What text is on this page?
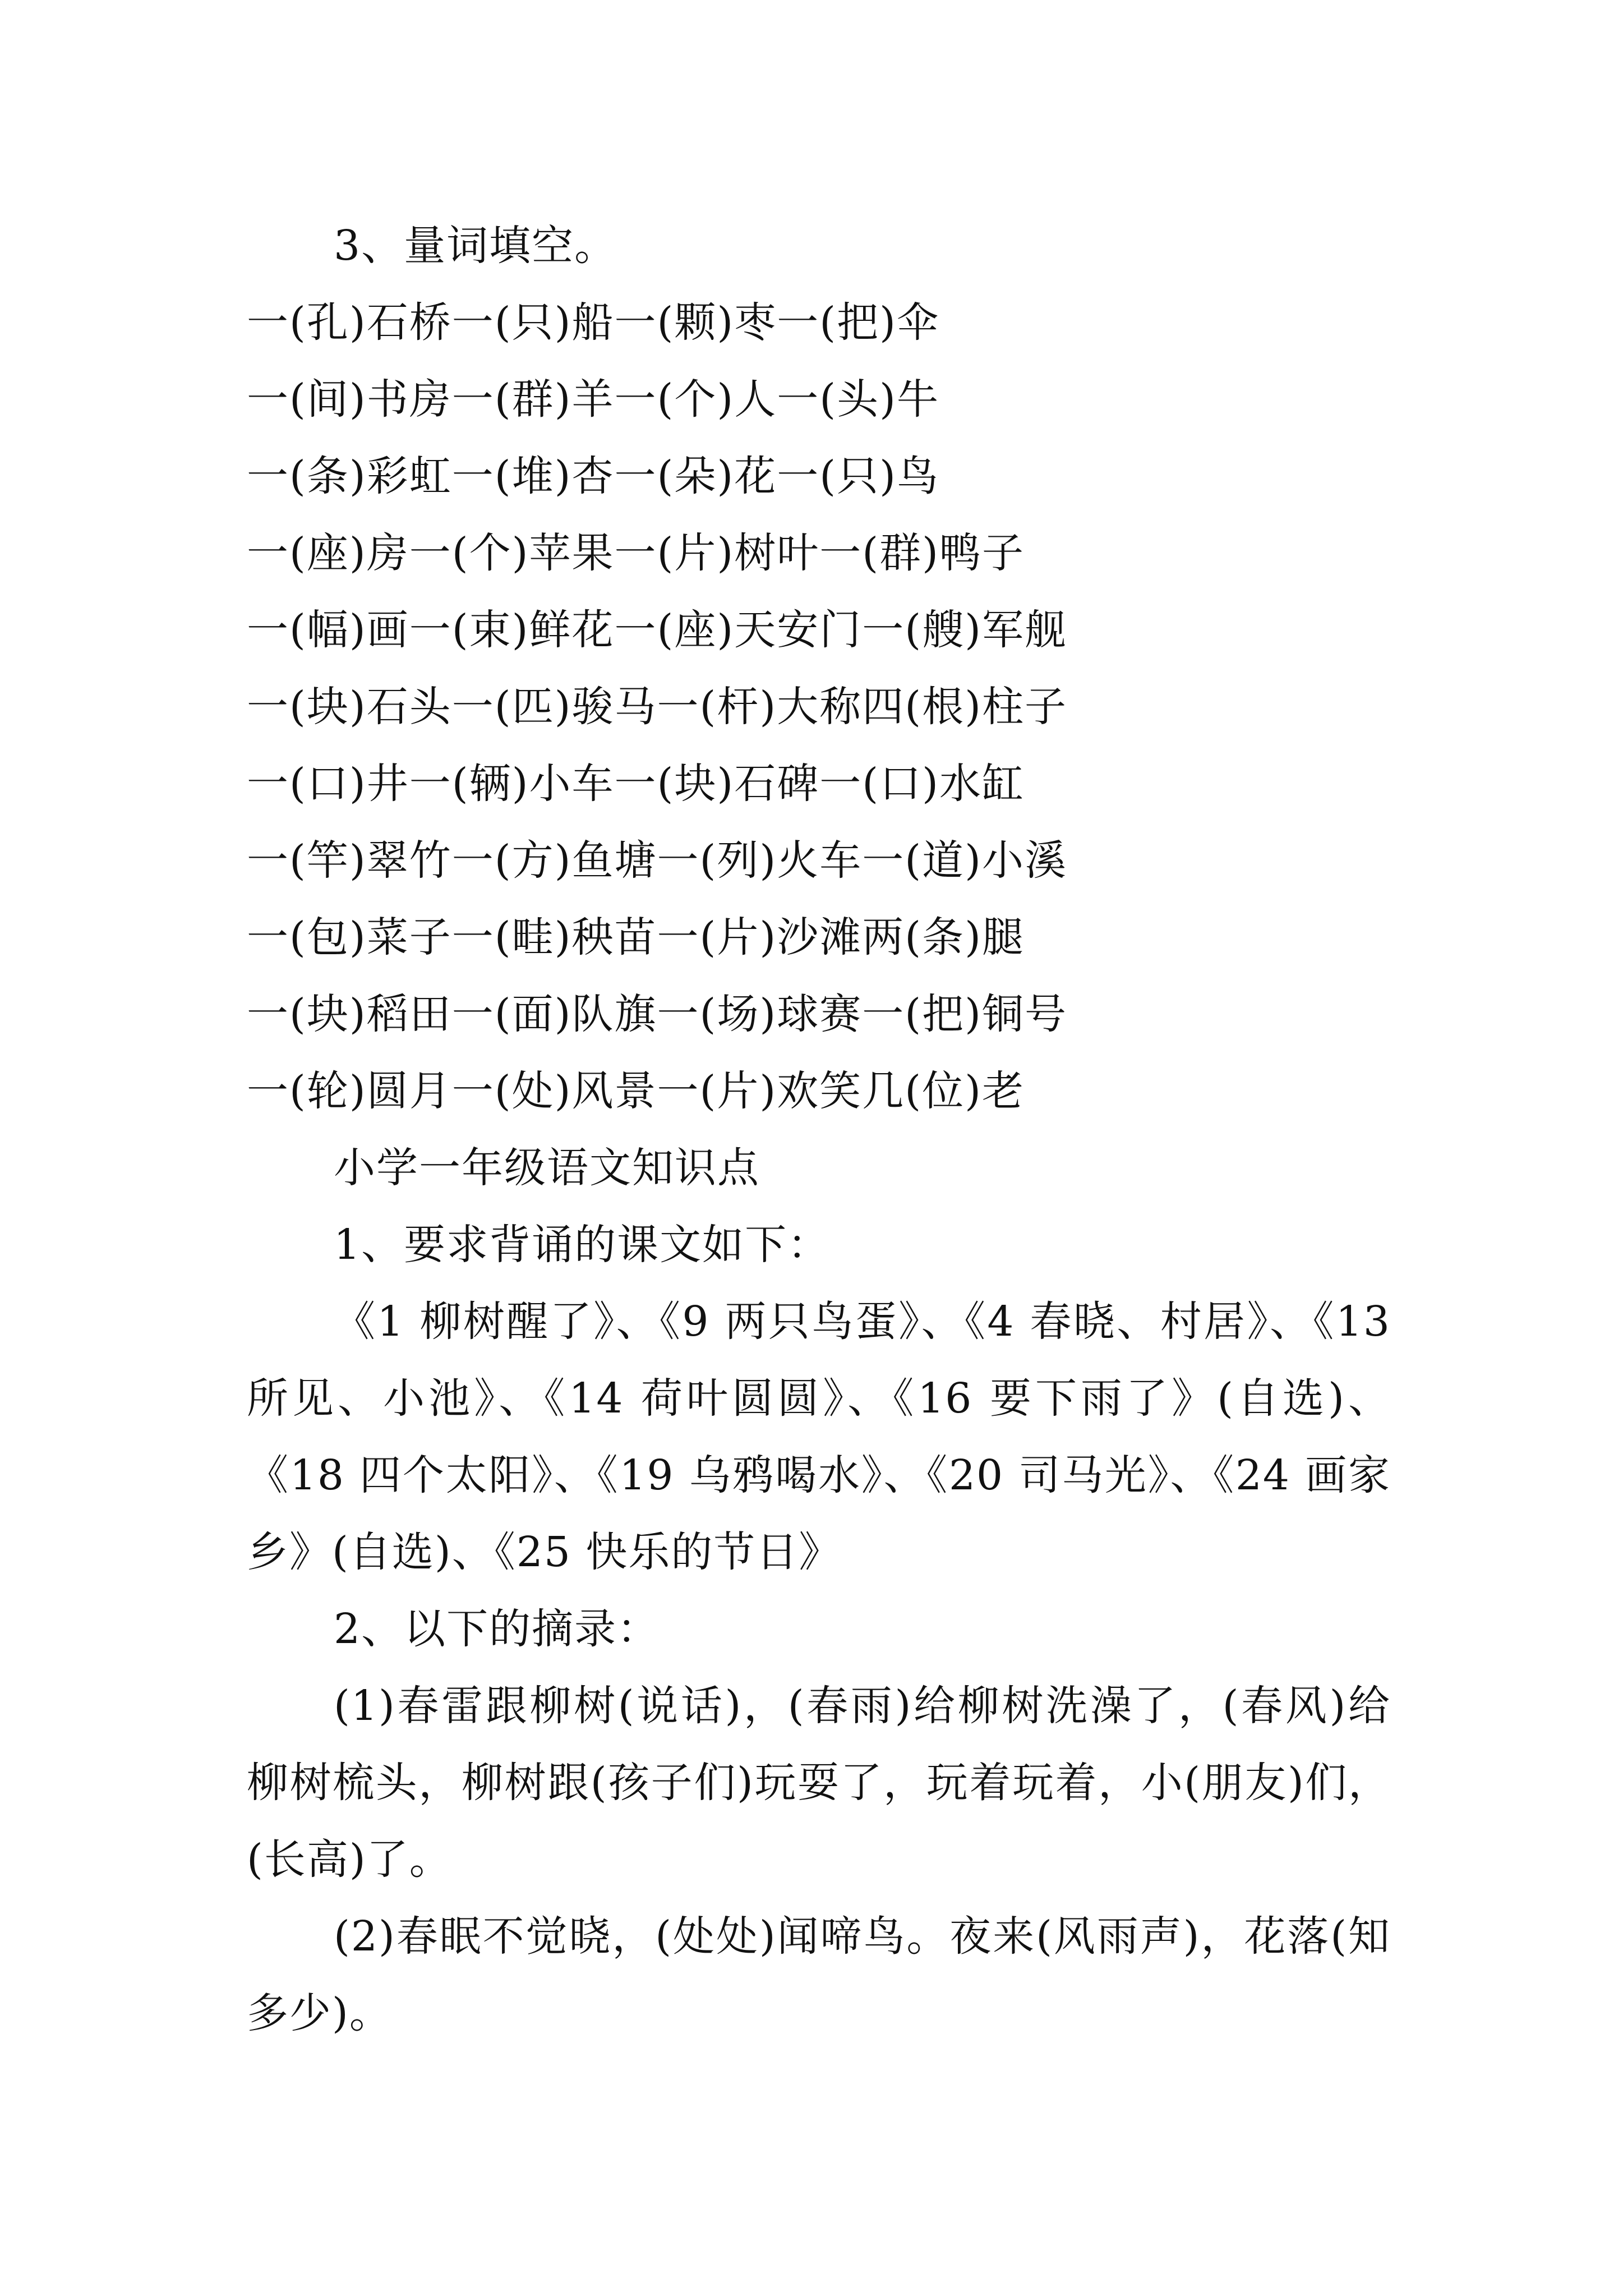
3、量词填空。
一(孔)石桥一(只)船一(颗)枣一(把)伞
一(间)书房一(群)羊一(个)人一(头)牛
一(条)彩虹一(堆)杏一(朵)花一(只)鸟
一(座)房一(个)苹果一(片)树叶一(群)鸭子
一(幅)画一(束)鲜花一(座)天安门一(艘)军舰
一(块)石头一(匹)骏马一(杆)大称四(根)柱子
一(口)井一(辆)小车一(块)石碑一(口)水缸
一(竿)翠竹一(方)鱼塘一(列)火车一(道)小溪
一(包)菜子一(畦)秧苗一(片)沙滩两(条)腿
一(块)稻田一(面)队旗一(场)球赛一(把)铜号
一(轮)圆月一(处)风景一(片)欢笑几(位)老
小学一年级语文知识点
1、要求背诵的课文如下：
《1 柳树醒了》、《9 两只鸟蛋》、《4 春晓、村居》、《13 所见、小池》、《14 荷叶圆圆》、《16 要下雨了》(自选)、《18 四个太阳》、《19 乌鸦喝水》、《20 司马光》、《24 画家乡》(自选)、《25 快乐的节日》
2、以下的摘录：
(1)春雷跟柳树(说话)，(春雨)给柳树洗澡了，(春风)给柳树梳头，柳树跟(孩子们)玩耍了，玩着玩着，小(朋友)们，(长高)了。
(2)春眠不觉晓，(处处)闻啼鸟。夜来(风雨声)，花落(知多少)。
